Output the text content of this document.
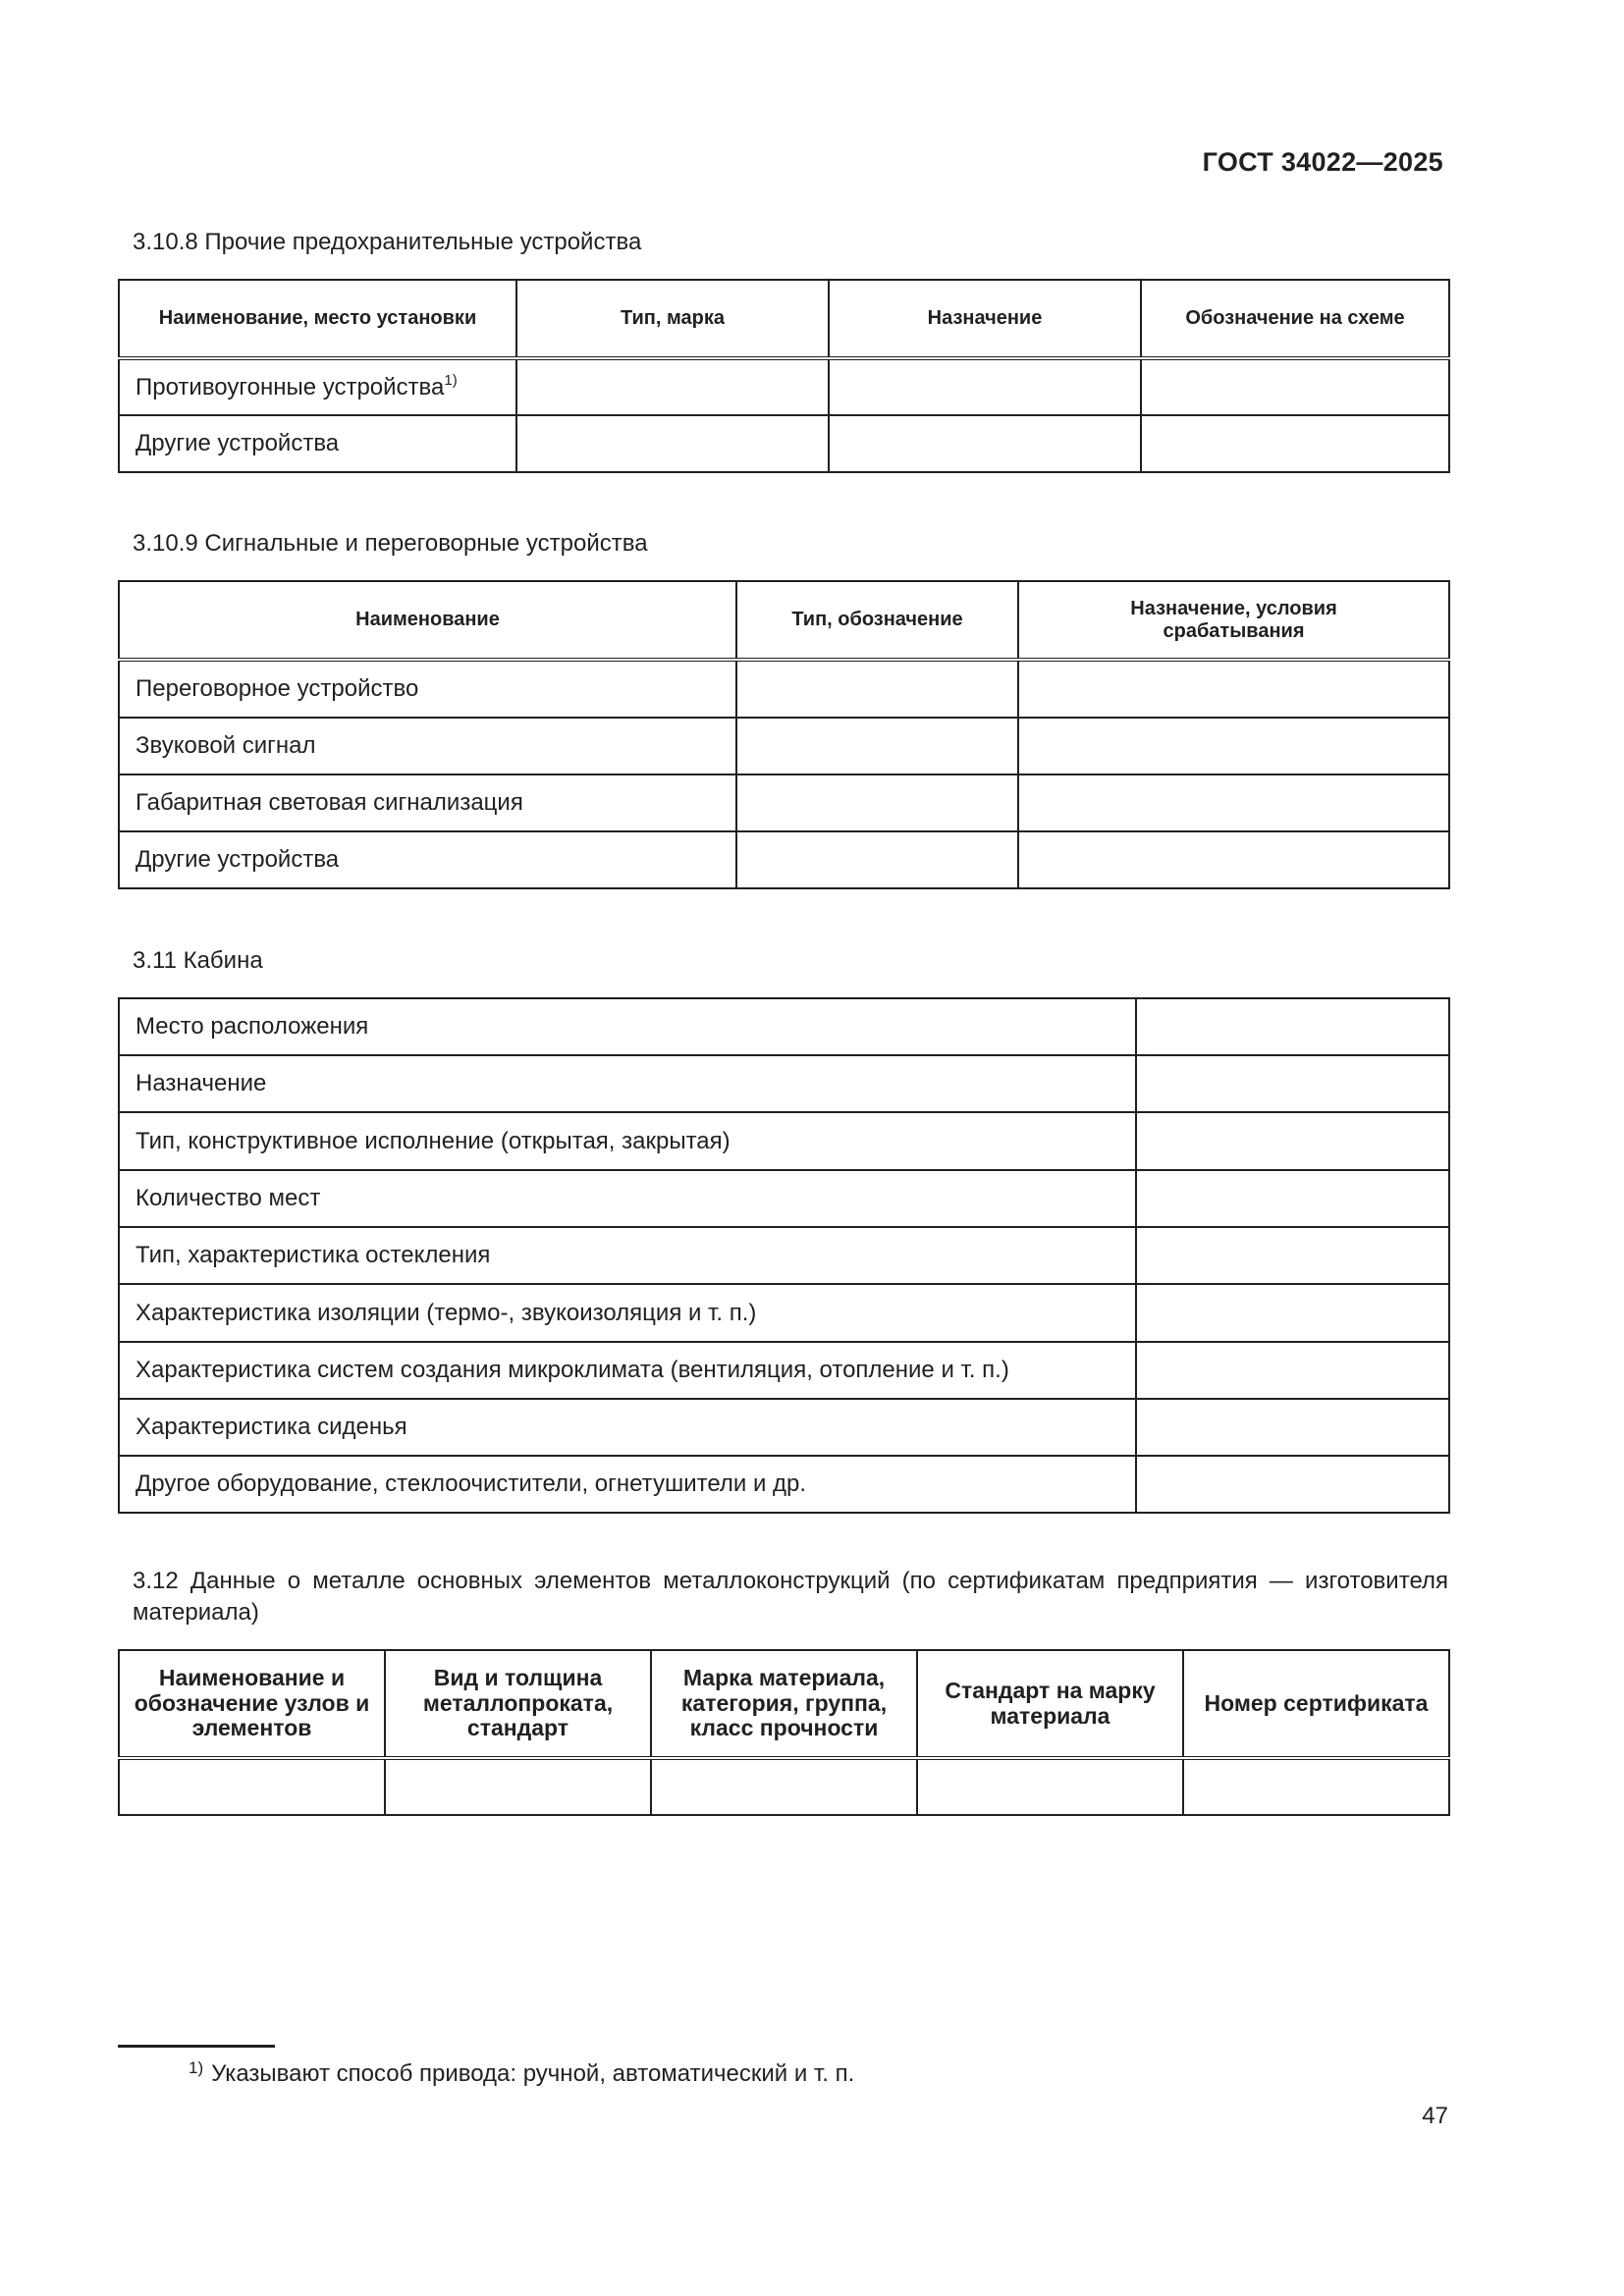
ГОСТ 34022—2025
3.10.8 Прочие предохранительные устройства
Наименование, место установки	Тип, марка	Назначение	Обозначение на схеме
Противоугонные устройства$^{1)}$			
Другие устройства			
3.10.9 Сигнальные и переговорные устройства
Наименование	Тип, обозначение	Назначение, условия срабатывания
Переговорное устройство		
Звуковой сигнал		
Габаритная световая сигнализация		
Другие устройства		
3.11 Кабина
Место расположения	
Назначение	
Тип, конструктивное исполнение (открытая, закрытая)	
Количество мест	
Тип, характеристика остекления	
Характеристика изоляции (термо-, звукоизоляция и т. п.)	
Характеристика систем создания микроклимата (вентиляция, отопление и т. п.)	
Характеристика сиденья	
Другое оборудование, стеклоочистители, огнетушители и др.	
3.12 Данные о металле основных элементов металлоконструкций (по сертификатам предприятия — изготовителя материала)
Наименование и обозначение узлов и элементов	Вид и толщина металлопроката, стандарт	Марка материала, категория, группа, класс прочности	Стандарт на марку материала	Номер сертификата

$^{1)}$ Указывают способ привода: ручной, автоматический и т. п.
47
